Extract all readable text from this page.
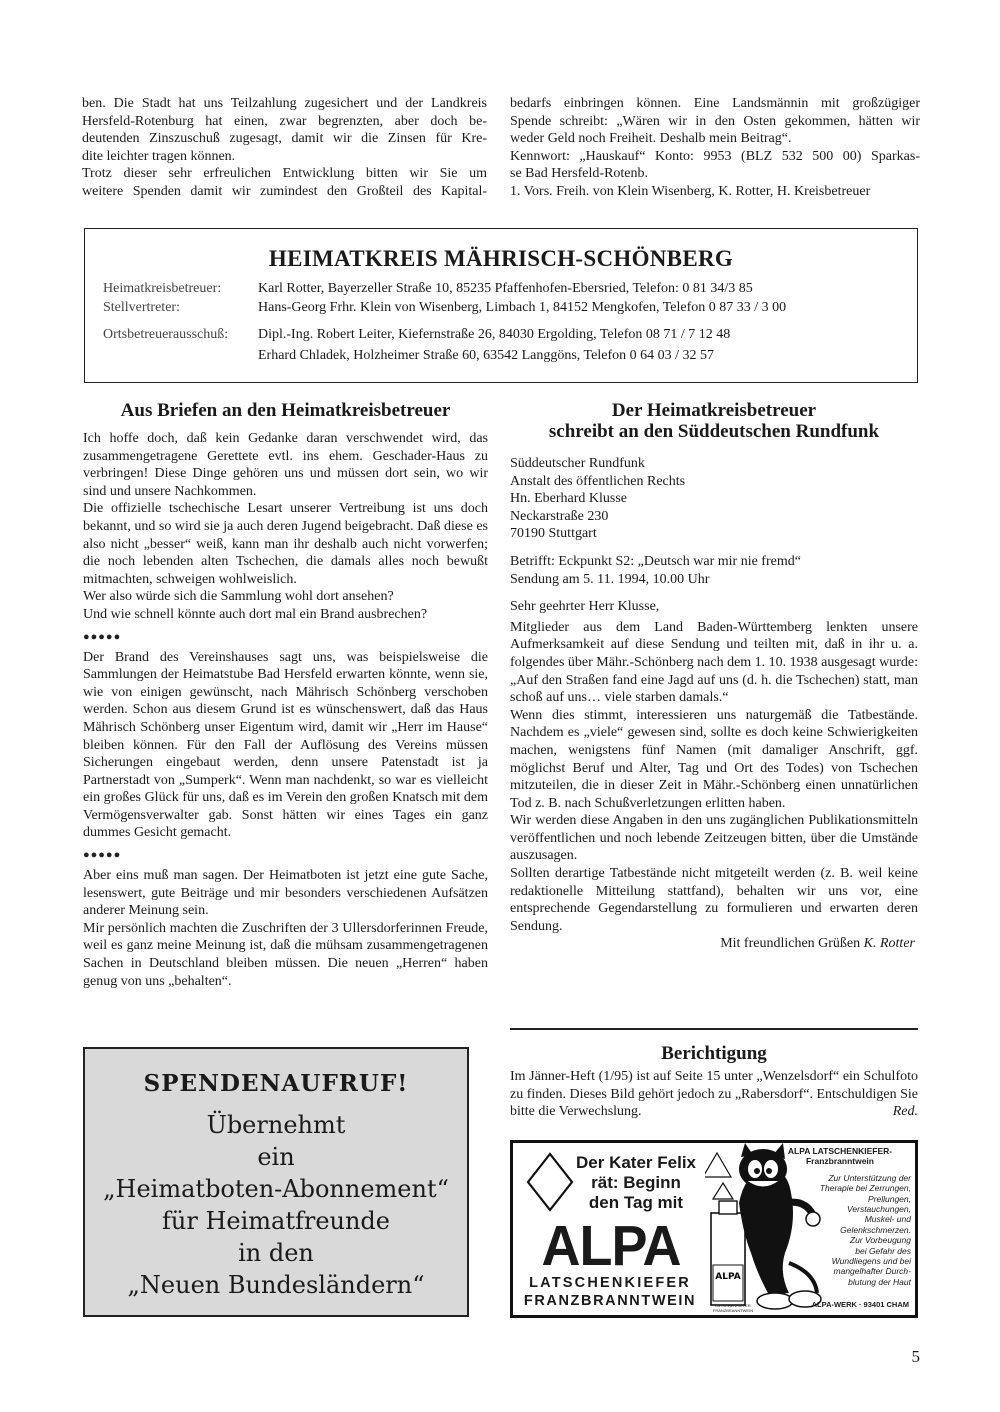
ben. Die Stadt hat uns Teilzahlung zugesichert und der Landkreis
Hersfeld-Rotenburg hat einen, zwar begrenzten, aber doch be-
deutenden Zinszuschuß zugesagt, damit wir die Zinsen für Kre-
dite leichter tragen können.
Trotz dieser sehr erfreulichen Entwicklung bitten wir Sie um
weitere Spenden damit wir zumindest den Großteil des Kapital-
bedarfs einbringen können. Eine Landsmännin mit großzügiger
Spende schreibt: „Wären wir in den Osten gekommen, hätten wir
weder Geld noch Freiheit. Deshalb mein Beitrag“.
Kennwort: „Hauskauf“ Konto: 9953 (BLZ 532 500 00) Sparkas-
se Bad Hersfeld-Rotenb.
1. Vors. Freih. von Klein Wisenberg, K. Rotter, H. Kreisbetreuer
HEIMATKREIS MÄHRISCH-SCHÖNBERG
Heimatkreisbetreuer:	Karl Rotter, Bayerzeller Straße 10, 85235 Pfaffenhofen-Ebersried, Telefon: 0 81 34/3 85
Stellvertreter:	Hans-Georg Frhr. Klein von Wisenberg, Limbach 1, 84152 Mengkofen, Telefon 0 87 33 / 3 00
Ortsbetreuerausschuß:	Dipl.-Ing. Robert Leiter, Kiefernstraße 26, 84030 Ergolding, Telefon 08 71 / 7 12 48
Erhard Chladek, Holzheimer Straße 60, 63542 Langgöns, Telefon 0 64 03 / 32 57
Aus Briefen an den Heimatkreisbetreuer

Ich hoffe doch, daß kein Gedanke daran verschwendet wird, das zusammengetragene Gerettete evtl. ins ehem. Geschader-Haus zu verbringen! Diese Dinge gehören uns und müssen dort sein, wo wir sind und unsere Nachkommen.

Die offizielle tschechische Lesart unserer Vertreibung ist uns doch bekannt, und so wird sie ja auch deren Jugend beigebracht. Daß diese es also nicht „besser“ weiß, kann man ihr deshalb auch nicht vorwerfen; die noch lebenden alten Tschechen, die damals alles noch bewußt mitmachten, schweigen wohlweislich.

Wer also würde sich die Sammlung wohl dort ansehen?

Und wie schnell könnte auch dort mal ein Brand ausbrechen?

●●●●●

Der Brand des Vereinshauses sagt uns, was beispielsweise die Sammlungen der Heimatstube Bad Hersfeld erwarten könnte, wenn sie, wie von einigen gewünscht, nach Mährisch Schönberg verschoben werden. Schon aus diesem Grund ist es wünschenswert, daß das Haus Mährisch Schönberg unser Eigentum wird, damit wir „Herr im Hause“ bleiben können. Für den Fall der Auflösung des Vereins müssen Sicherungen eingebaut werden, denn unsere Patenstadt ist ja Partnerstadt von „Sumperk“. Wenn man nachdenkt, so war es vielleicht ein großes Glück für uns, daß es im Verein den großen Knatsch mit dem Vermögensverwalter gab. Sonst hätten wir eines Tages ein ganz dummes Gesicht gemacht.

●●●●●

Aber eins muß man sagen. Der Heimatboten ist jetzt eine gute Sache, lesenswert, gute Beiträge und mir besonders verschiedenen Aufsätzen anderer Meinung sein.

Mir persönlich machten die Zuschriften der 3 Ullersdorferinnen Freude, weil es ganz meine Meinung ist, daß die mühsam zusammengetragenen Sachen in Deutschland bleiben müssen. Die neuen „Herren“ haben genug von uns „behalten“.

SPENDENAUFRUF!
Übernehmt
ein
„Heimatboten-Abonnement“
für Heimatfreunde
in den
„Neuen Bundesländern“
Der Heimatkreisbetreuer
schreibt an den Süddeutschen Rundfunk
Süddeutscher Rundfunk
Anstalt des öffentlichen Rechts
Hn. Eberhard Klusse
Neckarstraße 230
70190 Stuttgart
Betrifft: Eckpunkt S2: „Deutsch war mir nie fremd“
Sendung am 5. 11. 1994, 10.00 Uhr
Sehr geehrter Herr Klusse,

Mitglieder aus dem Land Baden-Württemberg lenkten unsere Aufmerksamkeit auf diese Sendung und teilten mit, daß in ihr u. a. folgendes über Mähr.-Schönberg nach dem 1. 10. 1938 ausgesagt wurde:

„Auf den Straßen fand eine Jagd auf uns (d. h. die Tschechen) statt, man schoß auf uns… viele starben damals.“

Wenn dies stimmt, interessieren uns naturgemäß die Tatbestände. Nachdem es „viele“ gewesen sind, sollte es doch keine Schwierigkeiten machen, wenigstens fünf Namen (mit damaliger Anschrift, ggf. möglichst Beruf und Alter, Tag und Ort des Todes) von Tschechen mitzuteilen, die in dieser Zeit in Mähr.-Schönberg einen unnatürlichen Tod z. B. nach Schußverletzungen erlitten haben.

Wir werden diese Angaben in den uns zugänglichen Publikationsmitteln veröffentlichen und noch lebende Zeitzeugen bitten, über die Umstände auszusagen.

Sollten derartige Tatbestände nicht mitgeteilt werden (z. B. weil keine redaktionelle Mitteilung stattfand), behalten wir uns vor, eine entsprechende Gegendarstellung zu formulieren und erwarten deren Sendung.

Mit freundlichen Grüßen K. Rotter
Berichtigung

Im Jänner-Heft (1/95) ist auf Seite 15 unter „Wenzelsdorf“ ein Schulfoto zu finden. Dieses Bild gehört jedoch zu „Rabersdorf“. Entschuldigen Sie bitte die Verwechslung.	Red.

Der Kater Felix
rät: Beginn
den Tag mit
ALPA
LATSCHENKIEFER
FRANZBRANNTWEIN
ALPA
LATSCHENKIEFER FRANZBRANNTWEIN
ALPA LATSCHENKIEFER-
Franzbranntwein
Zur Unterstützung der
Therapie bei Zerrungen,
Prellungen,
Verstauchungen,
Muskel- und
Gelenkschmerzen.
Zur Vorbeugung
bei Gefahr des
Wundliegens und bei
mangelhafter Durch-
blutung der Haut
ALPA-WERK · 93401 CHAM
5
